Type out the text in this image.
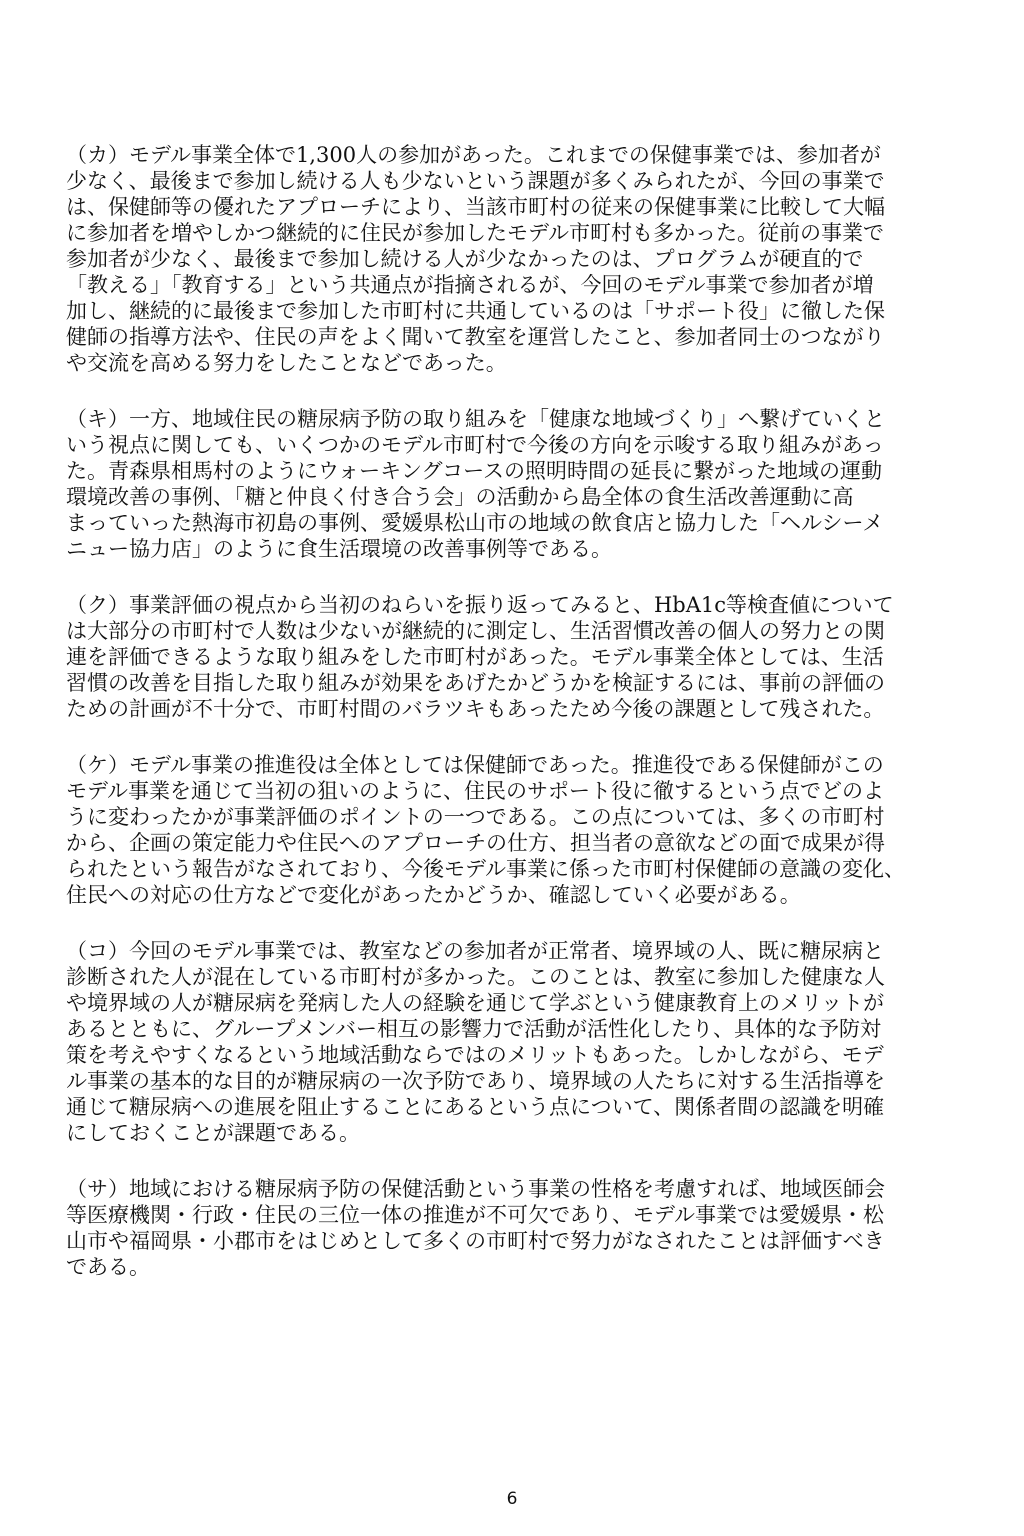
（カ）モデル事業全体で1,300人の参加があった。これまでの保健事業では、参加者が
少なく、最後まで参加し続ける人も少ないという課題が多くみられたが、今回の事業で
は、保健師等の優れたアプローチにより、当該市町村の従来の保健事業に比較して大幅
に参加者を増やしかつ継続的に住民が参加したモデル市町村も多かった。従前の事業で
参加者が少なく、最後まで参加し続ける人が少なかったのは、プログラムが硬直的で
「教える」「教育する」という共通点が指摘されるが、今回のモデル事業で参加者が増
加し、継続的に最後まで参加した市町村に共通しているのは「サポート役」に徹した保
健師の指導方法や、住民の声をよく聞いて教室を運営したこと、参加者同士のつながり
や交流を高める努力をしたことなどであった。
（キ）一方、地域住民の糖尿病予防の取り組みを「健康な地域づくり」へ繋げていくと
いう視点に関しても、いくつかのモデル市町村で今後の方向を示唆する取り組みがあっ
た。青森県相馬村のようにウォーキングコースの照明時間の延長に繋がった地域の運動
環境改善の事例、「糖と仲良く付き合う会」の活動から島全体の食生活改善運動に高
まっていった熱海市初島の事例、愛媛県松山市の地域の飲食店と協力した「ヘルシーメ
ニュー協力店」のように食生活環境の改善事例等である。
（ク）事業評価の視点から当初のねらいを振り返ってみると、HbA1c等検査値について
は大部分の市町村で人数は少ないが継続的に測定し、生活習慣改善の個人の努力との関
連を評価できるような取り組みをした市町村があった。モデル事業全体としては、生活
習慣の改善を目指した取り組みが効果をあげたかどうかを検証するには、事前の評価の
ための計画が不十分で、市町村間のバラツキもあったため今後の課題として残された。
（ケ）モデル事業の推進役は全体としては保健師であった。推進役である保健師がこの
モデル事業を通じて当初の狙いのように、住民のサポート役に徹するという点でどのよ
うに変わったかが事業評価のポイントの一つである。この点については、多くの市町村
から、企画の策定能力や住民へのアプローチの仕方、担当者の意欲などの面で成果が得
られたという報告がなされており、今後モデル事業に係った市町村保健師の意識の変化、
住民への対応の仕方などで変化があったかどうか、確認していく必要がある。
（コ）今回のモデル事業では、教室などの参加者が正常者、境界域の人、既に糖尿病と
診断された人が混在している市町村が多かった。このことは、教室に参加した健康な人
や境界域の人が糖尿病を発病した人の経験を通じて学ぶという健康教育上のメリットが
あるとともに、グループメンバー相互の影響力で活動が活性化したり、具体的な予防対
策を考えやすくなるという地域活動ならではのメリットもあった。しかしながら、モデ
ル事業の基本的な目的が糖尿病の一次予防であり、境界域の人たちに対する生活指導を
通じて糖尿病への進展を阻止することにあるという点について、関係者間の認識を明確
にしておくことが課題である。
（サ）地域における糖尿病予防の保健活動という事業の性格を考慮すれば、地域医師会
等医療機関・行政・住民の三位一体の推進が不可欠であり、モデル事業では愛媛県・松
山市や福岡県・小郡市をはじめとして多くの市町村で努力がなされたことは評価すべき
である。
6
